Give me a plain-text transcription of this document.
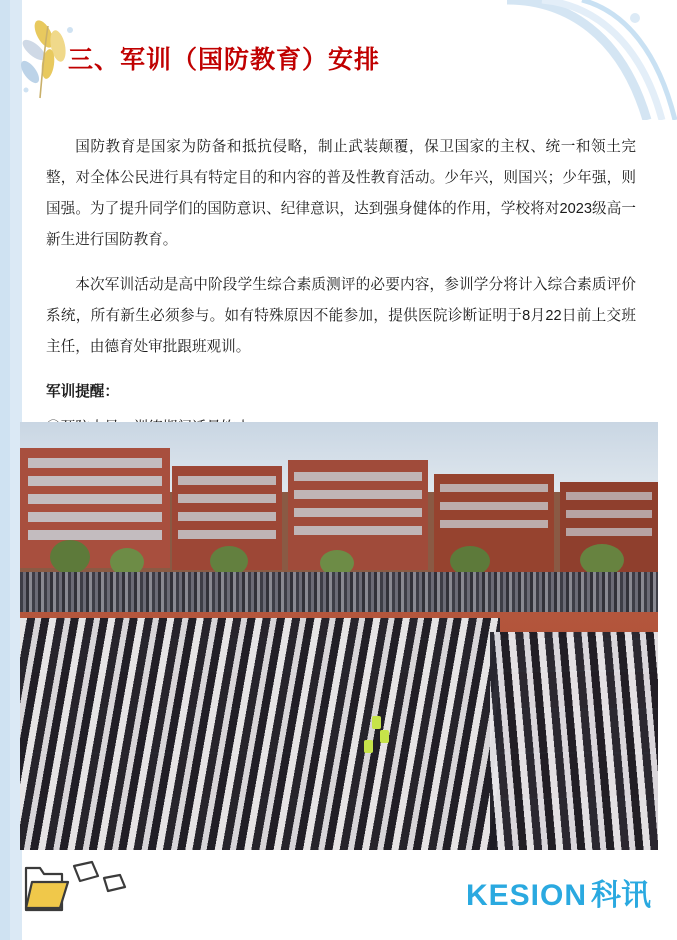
三、军训（国防教育）安排

国防教育是国家为防备和抵抗侵略，制止武装颠覆，保卫国家的主权、统一和领土完整，对全体公民进行具有特定目的和内容的普及性教育活动。少年兴，则国兴；少年强，则国强。为了提升同学们的国防意识、纪律意识，达到强身健体的作用，学校将对2023级高一新生进行国防教育。

本次军训活动是高中阶段学生综合素质测评的必要内容，参训学分将计入综合素质评价系统，所有新生必须参与。如有特殊原因不能参加，提供医院诊断证明于8月22日前上交班主任，由德育处审批跟班观训。

军训提醒：

KESION 科讯
